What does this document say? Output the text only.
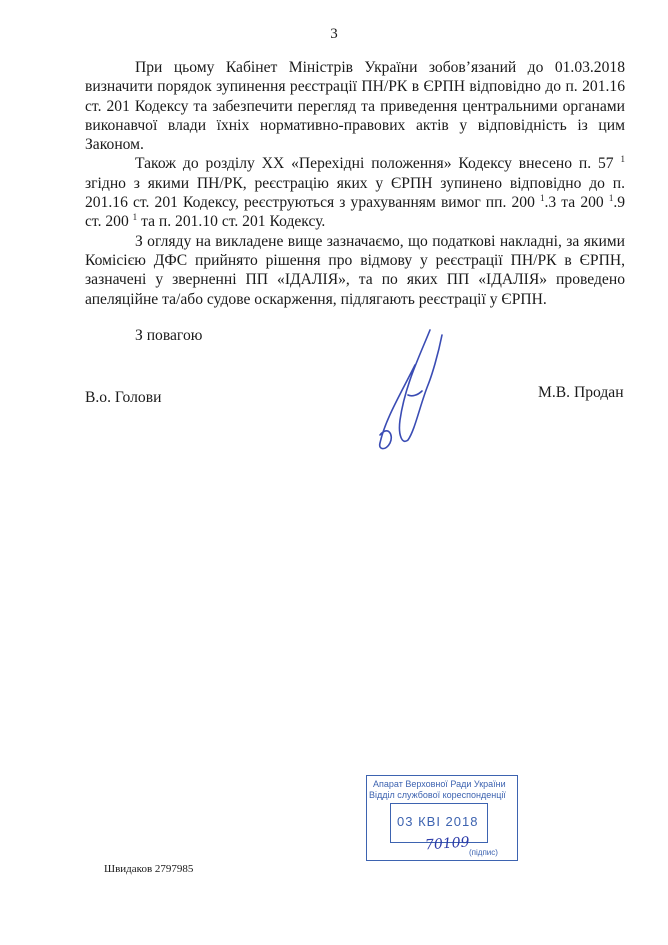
3

При цьому Кабінет Міністрів України зобов’язаний до 01.03.2018 визначити порядок зупинення реєстрації ПН/РК в ЄРПН відповідно до п. 201.16 ст. 201 Кодексу та забезпечити перегляд та приведення центральними органами виконавчої влади їхніх нормативно-правових актів у відповідність із цим Законом.

Також до розділу XX «Перехідні положення» Кодексу внесено п. 57 $^1$ згідно з якими ПН/РК, реєстрацію яких у ЄРПН зупинено відповідно до п. 201.16 ст. 201 Кодексу, реєструються з урахуванням вимог пп. 200 $^1$.3 та 200 $^1$.9 ст. 200 $^1$ та п. 201.10 ст. 201 Кодексу.

З огляду на викладене вище зазначаємо, що податкові накладні, за якими Комісією ДФС прийнято рішення про відмову у реєстрації ПН/РК в ЄРПН, зазначені у зверненні ПП «ІДАЛІЯ», та по яких ПП «ІДАЛІЯ» проведено апеляційне та/або судове оскарження, підлягають реєстрації у ЄРПН.

З повагою
В.о. Голови	М.В. Продан
Апарат Верховної Ради України
Відділ службової кореспонденції
03 КВІ 2018
70109
(підпис)
Швидаков 2797985
